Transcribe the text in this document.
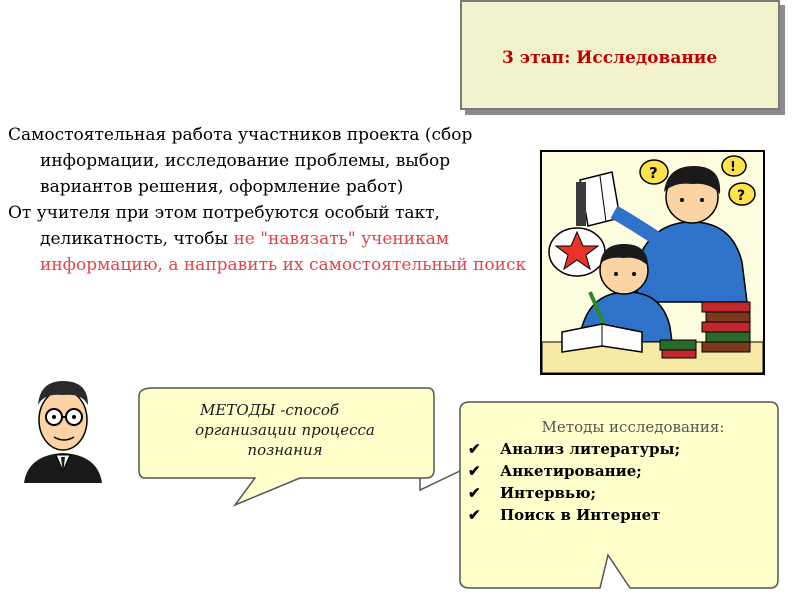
3 этап: Исследование

Самостоятельная работа участников проекта (сбор информации, исследование проблемы, выбор вариантов решения, оформление работ)

От учителя при этом потребуются особый такт, деликатность, чтобы не "навязать" ученикам информацию, а направить их самостоятельный поиск

?	!
?
МЕТОДЫ -способ
организации процесса
познания
Методы исследования:
✔	Анализ литературы;
✔	Анкетирование;
✔	Интервью;
✔	Поиск в Интернет
